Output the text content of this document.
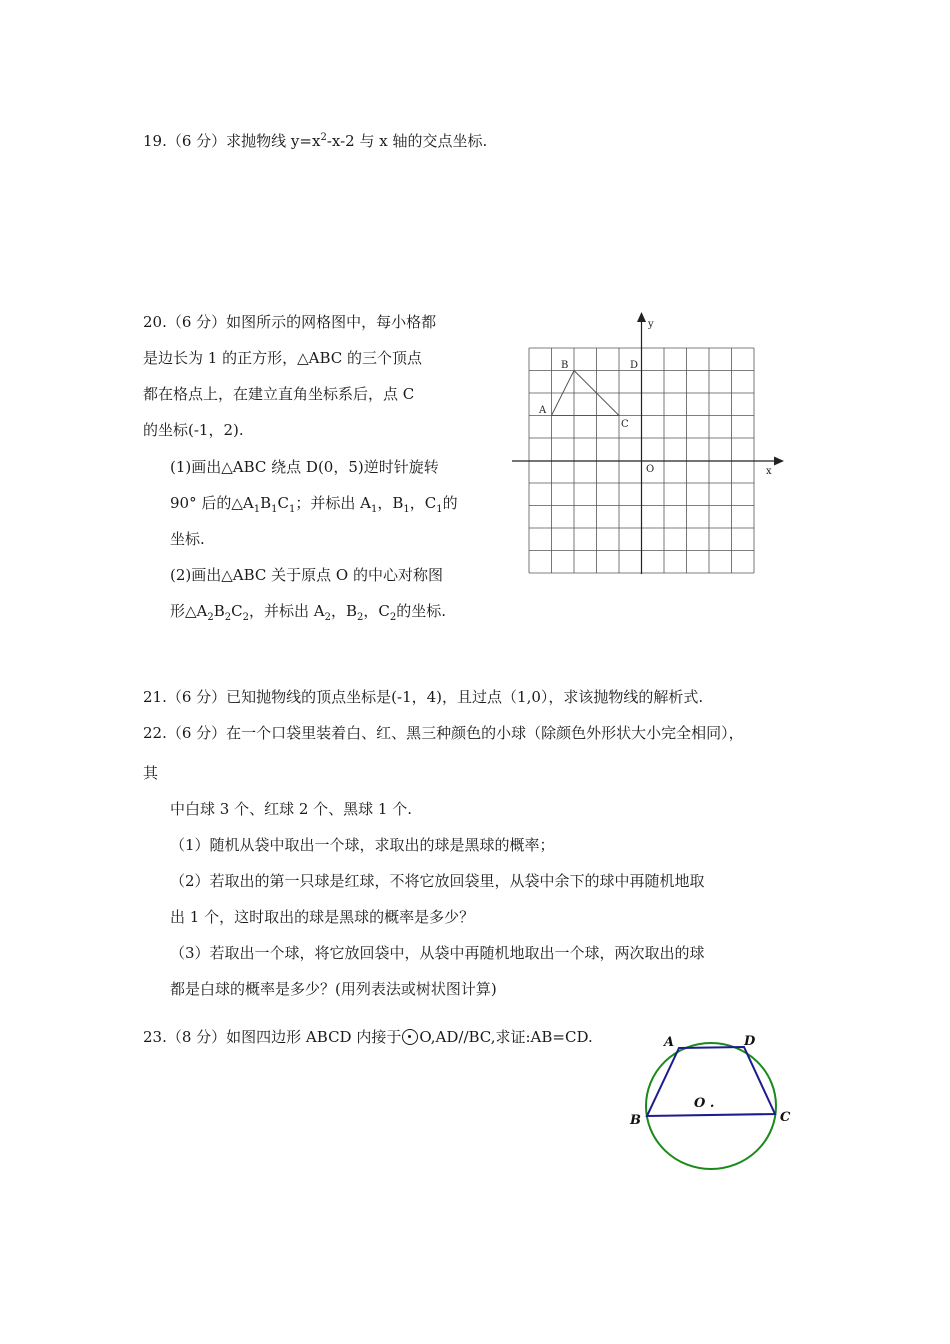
19.（6 分）求抛物线 $y=x^2-x-2$ 与 x 轴的交点坐标.
20.（6 分）如图所示的网格图中，每小格都
是边长为 1 的正方形，△ABC 的三个顶点
都在格点上，在建立直角坐标系后，点 C
的坐标(-1，2).
(1)画出△ABC 绕点 D(0，5)逆时针旋转
90° 后的$\triangle A_1B_1C_1$；并标出 $A_1$，$B_1$，$C_1$的
坐标.
(2)画出△ABC 关于原点 O 的中心对称图
形$\triangle A_2B_2C_2$，并标出 $A_2$，$B_2$，$C_2$的坐标.
A
B
C
D
O	x
y
21.（6 分）已知抛物线的顶点坐标是(-1，4)，且过点（1,0），求该抛物线的解析式.
22.（6 分）在一个口袋里装着白、红、黑三种颜色的小球（除颜色外形状大小完全相同），
其
中白球 3 个、红球 2 个、黑球 1 个.
（1）随机从袋中取出一个球，求取出的球是黑球的概率；
（2）若取出的第一只球是红球，不将它放回袋里，从袋中余下的球中再随机地取
出 1 个，这时取出的球是黑球的概率是多少？
（3）若取出一个球，将它放回袋中，从袋中再随机地取出一个球，两次取出的球
都是白球的概率是多少？(用列表法或树状图计算)
23.（8 分）如图四边形 ABCD 内接于 O,AD//BC,求证:AB=CD.	A	D
B	C
O .
